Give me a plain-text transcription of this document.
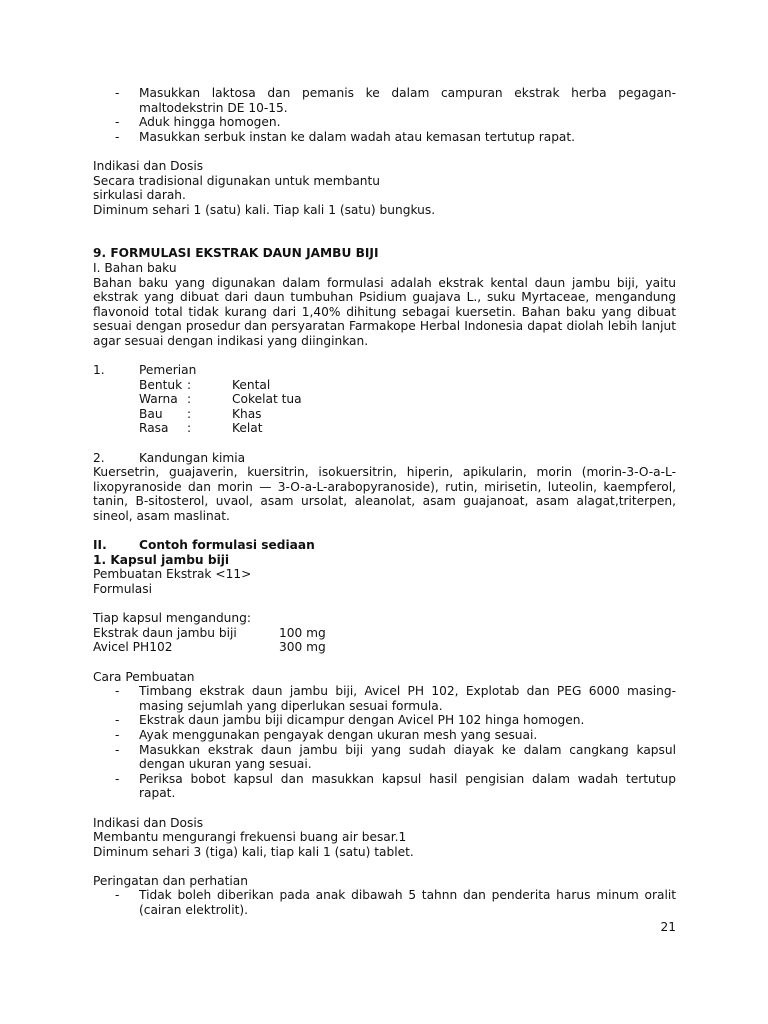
- Masukkan laktosa dan pemanis ke dalam campuran ekstrak herba pegagan-maltodekstrin DE 10-15.
- Aduk hingga homogen.
- Masukkan serbuk instan ke dalam wadah atau kemasan tertutup rapat.
Indikasi dan Dosis
Secara tradisional digunakan untuk membantu
sirkulasi darah.
Diminum sehari 1 (satu) kali. Tiap kali 1 (satu) bungkus.
9. FORMULASI EKSTRAK DAUN JAMBU BIJI
I. Bahan baku
Bahan baku yang digunakan dalam formulasi adalah ekstrak kental daun jambu biji, yaitu ekstrak yang dibuat dari daun tumbuhan Psidium guajava L., suku Myrtaceae, mengandung flavonoid total tidak kurang dari 1,40% dihitung sebagai kuersetin. Bahan baku yang dibuat sesuai dengan prosedur dan persyaratan Farmakope Herbal Indonesia dapat diolah lebih lanjut agar sesuai dengan indikasi yang diinginkan.
1.	Pemerian
Bentuk :	Kental
Warna :	Cokelat tua
Bau	:	Khas
Rasa	:	Kelat
2.	Kandungan kimia
Kuersetrin, guajaverin, kuersitrin, isokuersitrin, hiperin, apikularin, morin (morin-3-O-a-L-lixopyranoside dan morin — 3-O-a-L-arabopyranoside), rutin, mirisetin, luteolin, kaempferol, tanin, B-sitosterol, uvaol, asam ursolat, aleanolat, asam guajanoat, asam alagat,triterpen, sineol, asam maslinat.
II.	Contoh formulasi sediaan
1. Kapsul jambu biji
Pembuatan Ekstrak <11>
Formulasi
Tiap kapsul mengandung:
Ekstrak daun jambu biji	100 mg
Avicel PH102	300 mg
Cara Pembuatan
- Timbang ekstrak daun jambu biji, Avicel PH 102, Explotab dan PEG 6000 masing-masing sejumlah yang diperlukan sesuai formula.
- Ekstrak daun jambu biji dicampur dengan Avicel PH 102 hinga homogen.
- Ayak menggunakan pengayak dengan ukuran mesh yang sesuai.
- Masukkan ekstrak daun jambu biji yang sudah diayak ke dalam cangkang kapsul dengan ukuran yang sesuai.
- Periksa bobot kapsul dan masukkan kapsul hasil pengisian dalam wadah tertutup rapat.
Indikasi dan Dosis
Membantu mengurangi frekuensi buang air besar.1
Diminum sehari 3 (tiga) kali, tiap kali 1 (satu) tablet.
Peringatan dan perhatian
- Tidak boleh diberikan pada anak dibawah 5 tahnn dan penderita harus minum oralit (cairan elektrolit).
21
